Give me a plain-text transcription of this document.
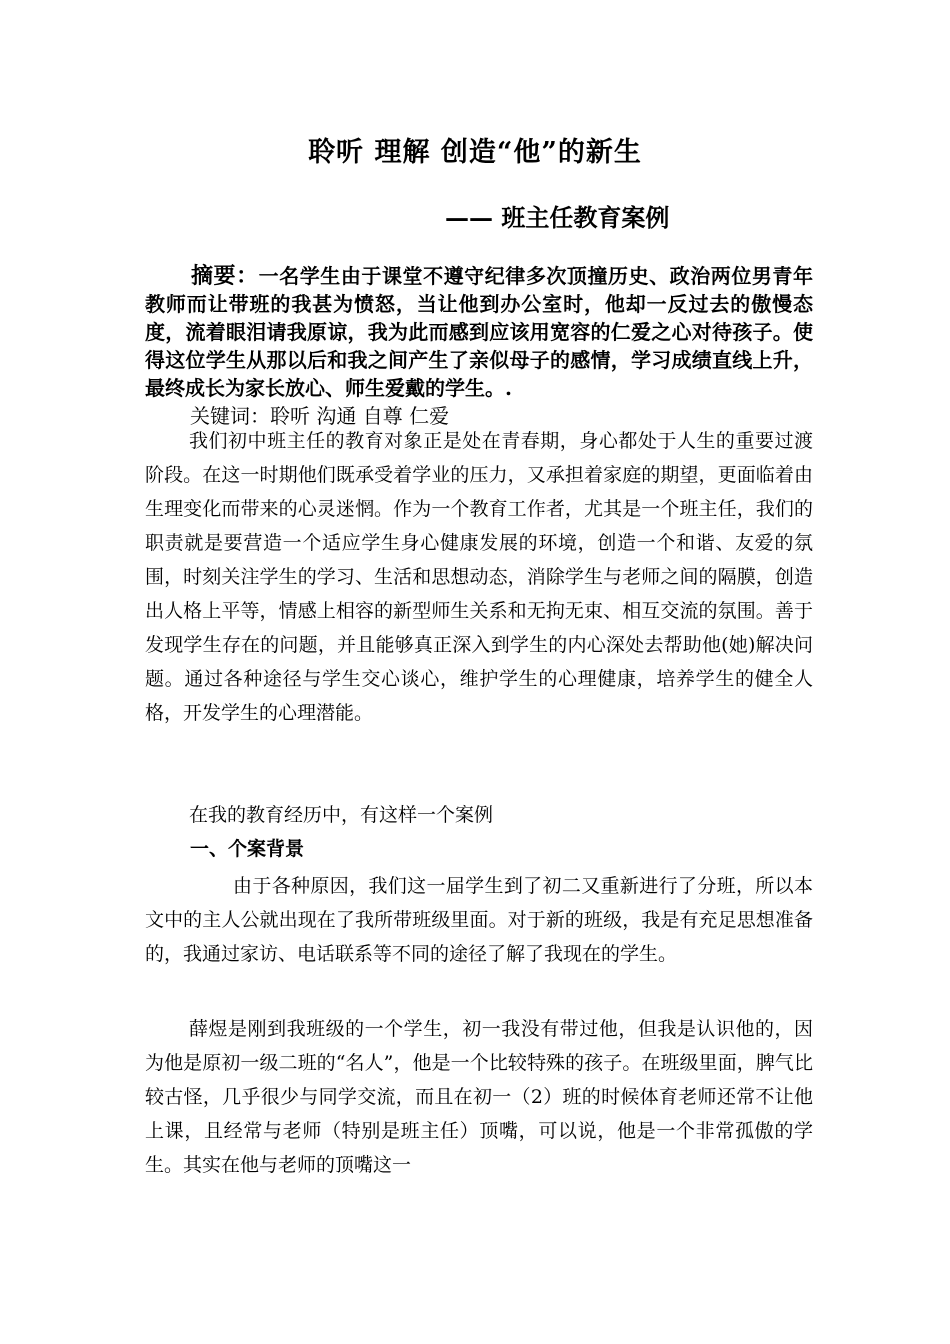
聆听 理解 创造“他”的新生
—— 班主任教育案例
摘要：一名学生由于课堂不遵守纪律多次顶撞历史、政治两位男青年教师而让带班的我甚为愤怒，当让他到办公室时，他却一反过去的傲慢态度，流着眼泪请我原谅，我为此而感到应该用宽容的仁爱之心对待孩子。使得这位学生从那以后和我之间产生了亲似母子的感情，学习成绩直线上升，最终成长为家长放心、师生爱戴的学生。.
关键词：聆听 沟通 自尊 仁爱
我们初中班主任的教育对象正是处在青春期，身心都处于人生的重要过渡阶段。在这一时期他们既承受着学业的压力，又承担着家庭的期望，更面临着由生理变化而带来的心灵迷惘。作为一个教育工作者，尤其是一个班主任，我们的职责就是要营造一个适应学生身心健康发展的环境，创造一个和谐、友爱的氛围，时刻关注学生的学习、生活和思想动态，消除学生与老师之间的隔膜，创造出人格上平等，情感上相容的新型师生关系和无拘无束、相互交流的氛围。善于发现学生存在的问题，并且能够真正深入到学生的内心深处去帮助他(她)解决问题。通过各种途径与学生交心谈心，维护学生的心理健康，培养学生的健全人格，开发学生的心理潜能。
在我的教育经历中，有这样一个案例
一、个案背景
由于各种原因，我们这一届学生到了初二又重新进行了分班，所以本文中的主人公就出现在了我所带班级里面。对于新的班级，我是有充足思想准备的，我通过家访、电话联系等不同的途径了解了我现在的学生。
薛煜是刚到我班级的一个学生，初一我没有带过他，但我是认识他的，因为他是原初一级二班的“名人”，他是一个比较特殊的孩子。在班级里面，脾气比较古怪，几乎很少与同学交流，而且在初一（2）班的时候体育老师还常不让他上课，且经常与老师（特别是班主任）顶嘴，可以说，他是一个非常孤傲的学生。其实在他与老师的顶嘴这一
